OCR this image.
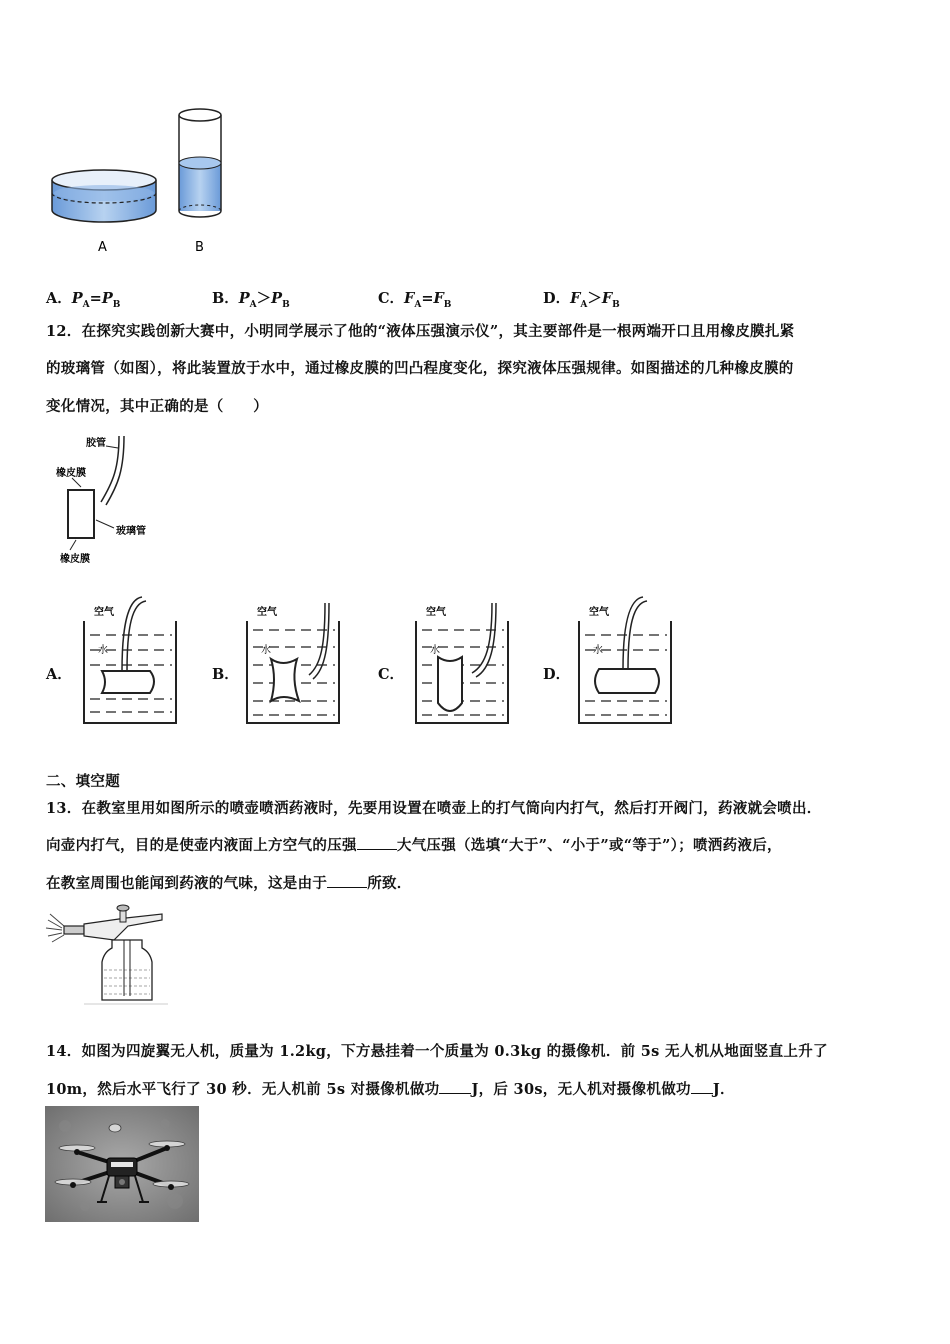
A	B
A．$P_A=P_B$	B．$P_A>P_B$	C．$F_A=F_B$	D．$F_A>F_B$
12．在探究实践创新大赛中，小明同学展示了他的“液体压强演示仪”，其主要部件是一根两端开口且用橡皮膜扎紧
的玻璃管（如图），将此装置放于水中，通过橡皮膜的凹凸程度变化，探究液体压强规律。如图描述的几种橡皮膜的
变化情况，其中正确的是（　　）
胶管
橡皮膜
玻璃管
橡皮膜
A．	B．	C．	D．
空气
水
空气
水
空气
水
空气
水
二、填空题
13．在教室里用如图所示的喷壶喷洒药液时，先要用设置在喷壶上的打气筒向内打气，然后打开阀门，药液就会喷出．
向壶内打气，目的是使壶内液面上方空气的压强	大气压强（选填“大于”、“小于”或“等于”）；喷洒药液后，
在教室周围也能闻到药液的气味，这是由于	所致．
14．如图为四旋翼无人机，质量为 1.2kg，下方悬挂着一个质量为 0.3kg 的摄像机．前 5s 无人机从地面竖直上升了
10m，然后水平飞行了 30 秒．无人机前 5s 对摄像机做功 J，后 30s，无人机对摄像机做功 J．
